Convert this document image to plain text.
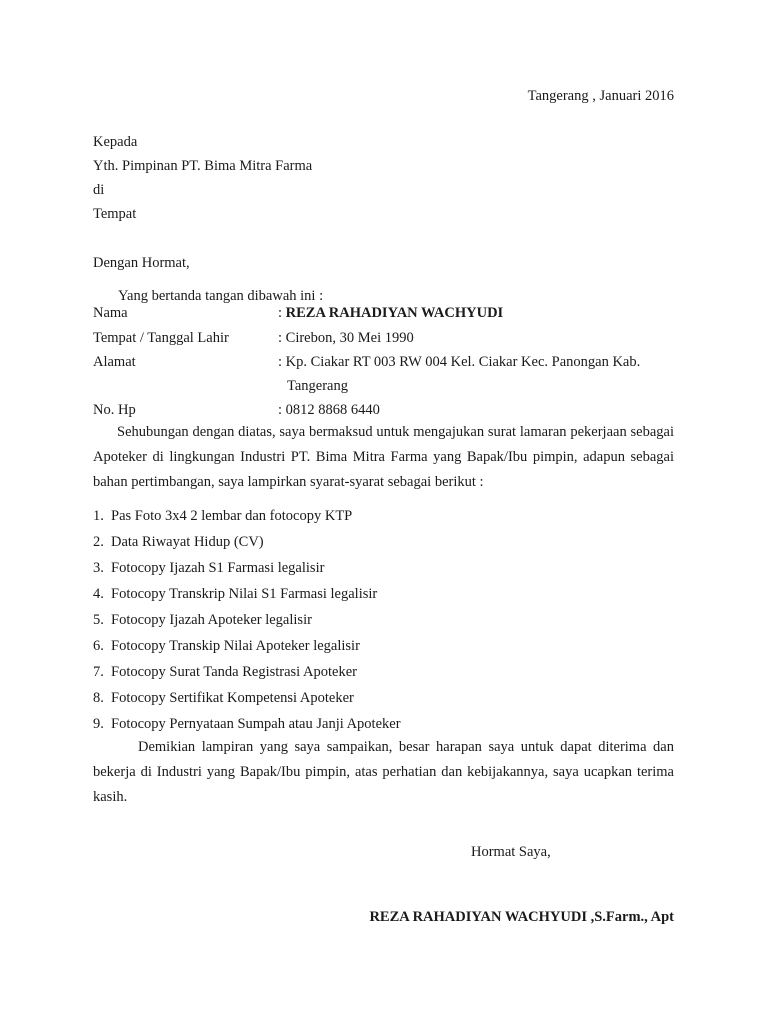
Tangerang , Januari 2016
Kepada
Yth. Pimpinan PT. Bima Mitra Farma
di
Tempat
Dengan Hormat,
Yang bertanda tangan dibawah ini :
Nama	: REZA RAHADIYAN WACHYUDI
Tempat / Tanggal Lahir	: Cirebon, 30 Mei 1990
Alamat	: Kp. Ciakar RT 003 RW 004 Kel. Ciakar Kec. Panongan Kab.
Tangerang
No. Hp	: 0812 8868 6440
Sehubungan dengan diatas, saya bermaksud untuk mengajukan surat lamaran pekerjaan sebagai Apoteker di lingkungan Industri PT. Bima Mitra Farma yang Bapak/Ibu pimpin, adapun sebagai bahan pertimbangan, saya lampirkan syarat-syarat sebagai berikut :
1. Pas Foto 3x4 2 lembar dan fotocopy KTP
2. Data Riwayat Hidup (CV)
3. Fotocopy Ijazah S1 Farmasi legalisir
4. Fotocopy Transkrip Nilai S1 Farmasi legalisir
5. Fotocopy Ijazah Apoteker legalisir
6. Fotocopy Transkip Nilai Apoteker legalisir
7. Fotocopy Surat Tanda Registrasi Apoteker
8. Fotocopy Sertifikat Kompetensi Apoteker
9. Fotocopy Pernyataan Sumpah atau Janji Apoteker
Demikian lampiran yang saya sampaikan, besar harapan saya untuk dapat diterima dan bekerja di Industri yang Bapak/Ibu pimpin, atas perhatian dan kebijakannya, saya ucapkan terima kasih.
Hormat Saya,
REZA RAHADIYAN WACHYUDI ,S.Farm., Apt
